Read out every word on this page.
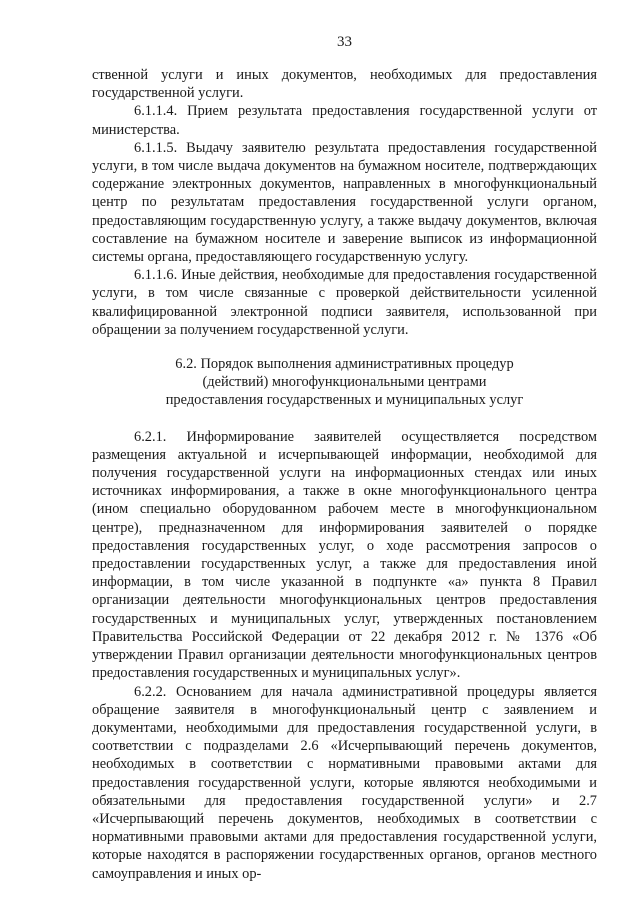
33

ственной услуги и иных документов, необходимых для предоставления государственной услуги.

6.1.1.4. Прием результата предоставления государственной услуги от министерства.

6.1.1.5. Выдачу заявителю результата предоставления государственной услуги, в том числе выдача документов на бумажном носителе, подтверждающих содержание электронных документов, направленных в многофункциональный центр по результатам предоставления государственной услуги органом, предоставляющим государственную услугу, а также выдачу документов, включая составление на бумажном носителе и заверение выписок из информационной системы органа, предоставляющего государственную услугу.

6.1.1.6. Иные действия, необходимые для предоставления государственной услуги, в том числе связанные с проверкой действительности усиленной квалифицированной электронной подписи заявителя, использованной при обращении за получением государственной услуги.

6.2. Порядок выполнения административных процедур
(действий) многофункциональными центрами
предоставления государственных и муниципальных услуг

6.2.1. Информирование заявителей осуществляется посредством размещения актуальной и исчерпывающей информации, необходимой для получения государственной услуги на информационных стендах или иных источниках информирования, а также в окне многофункционального центра (ином специально оборудованном рабочем месте в многофункциональном центре), предназначенном для информирования заявителей о порядке предоставления государственных услуг, о ходе рассмотрения запросов о предоставлении государственных услуг, а также для предоставления иной информации, в том числе указанной в подпункте «а» пункта 8 Правил организации деятельности многофункциональных центров предоставления государственных и муниципальных услуг, утвержденных постановлением Правительства Российской Федерации от 22 декабря 2012 г. № 1376 «Об утверждении Правил организации деятельности многофункциональных центров предоставления государственных и муниципальных услуг».

6.2.2. Основанием для начала административной процедуры является обращение заявителя в многофункциональный центр с заявлением и документами, необходимыми для предоставления государственной услуги, в соответствии с подразделами 2.6 «Исчерпывающий перечень документов, необходимых в соответствии с нормативными правовыми актами для предоставления государственной услуги, которые являются необходимыми и обязательными для предоставления государственной услуги» и 2.7 «Исчерпывающий перечень документов, необходимых в соответствии с нормативными правовыми актами для предоставления государственной услуги, которые находятся в распоряжении государственных органов, органов местного самоуправления и иных ор-
